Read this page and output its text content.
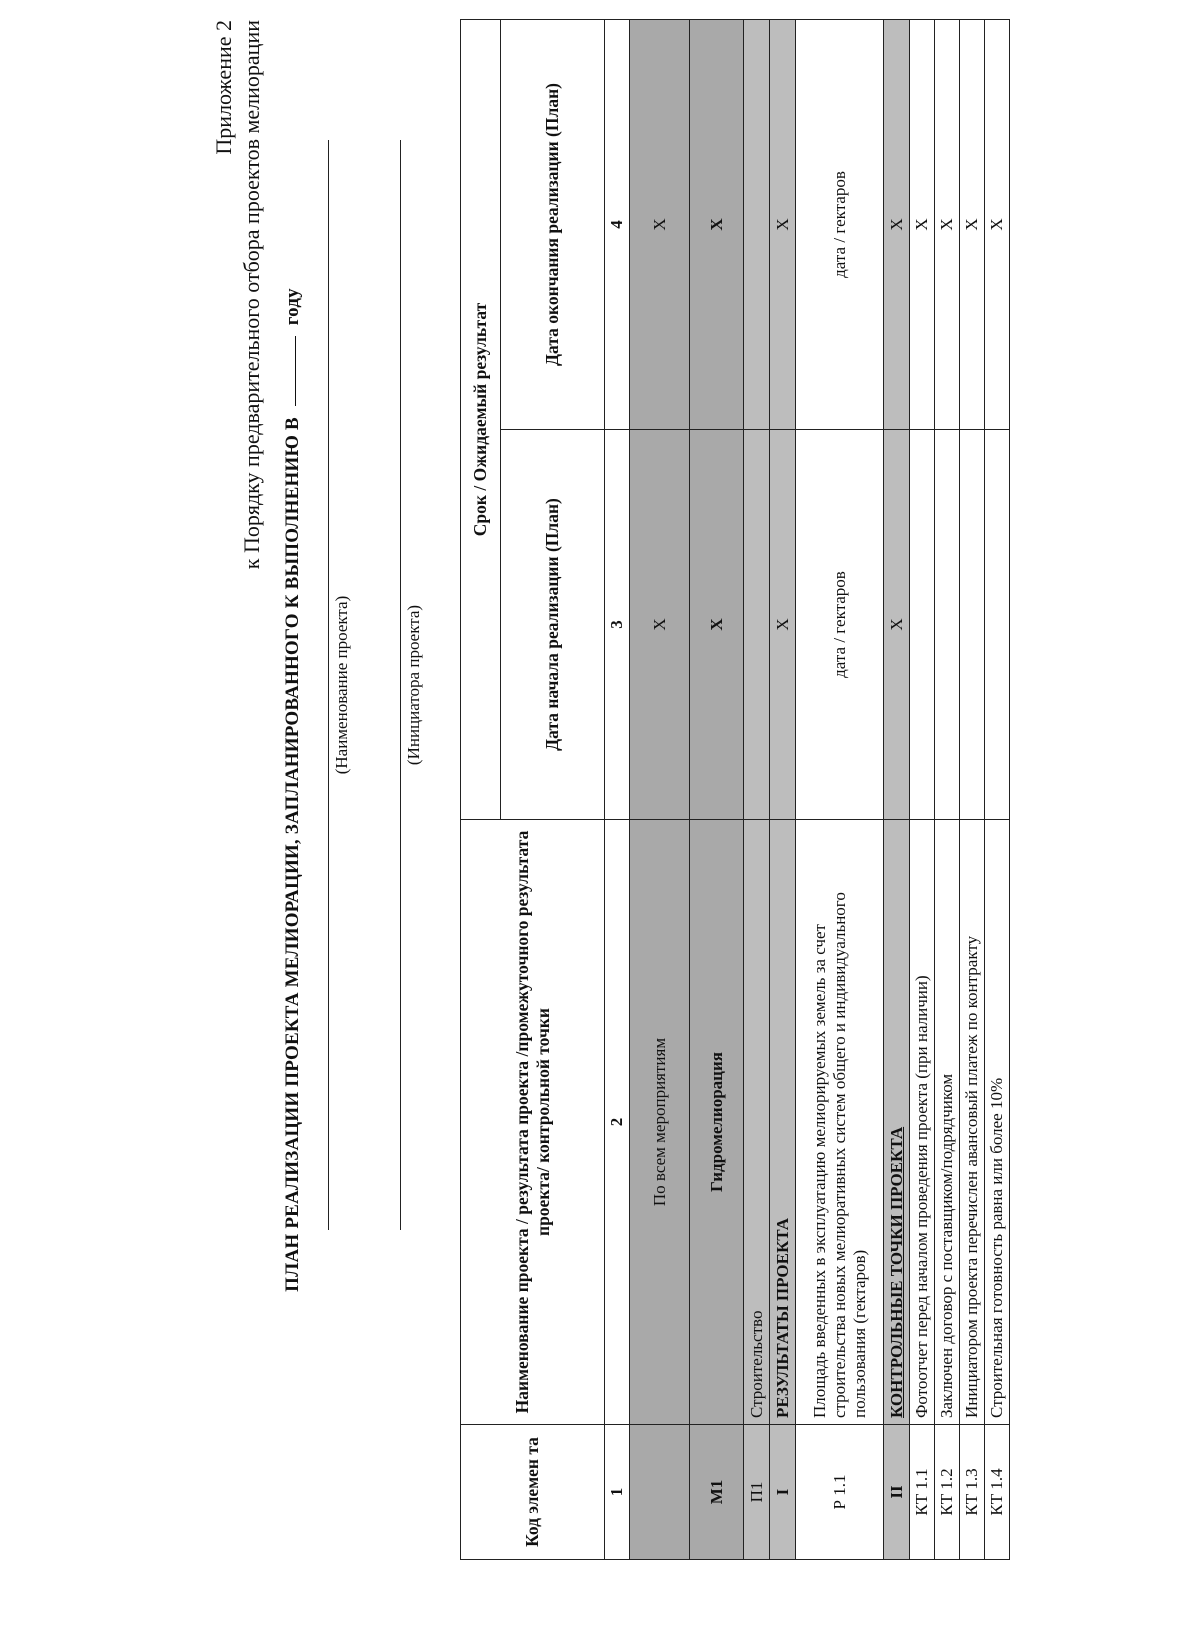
Приложение 2 к Порядку предварительного отбора проектов мелиорации
ПЛАН РЕАЛИЗАЦИИ ПРОЕКТА МЕЛИОРАЦИИ, ЗАПЛАНИРОВАННОГО К ВЫПОЛНЕНИЮ В  году
(Наименование проекта)	(Инициатора проекта)
Код элемен та	Наименование проекта / результата проекта /промежуточного результата проекта/ контрольной точки	Срок / Ожидаемый результат	
		Дата начала реализации (План)	Дата окончания реализации (План)
1	2	3	4
	По всем мероприятиям	X	X
М1	Гидромелиорация	X	X
П1	Строительство		
I	РЕЗУЛЬТАТЫ ПРОЕКТА	X	X
Р 1.1	Площадь введенных в эксплуатацию мелиорируемых земель за счет строительства новых мелиоративных систем общего и индивидуального пользования (гектаров)	дата / гектаров	дата / гектаров
II	КОНТРОЛЬНЫЕ ТОЧКИ ПРОЕКТА	X	X
КТ 1.1	Фотоотчет перед началом проведения проекта (при наличии)		X
КТ 1.2	Заключен договор с поставщиком/подрядчиком		X
КТ 1.3	Инициатором проекта перечислен авансовый платеж по контракту		X
КТ 1.4	Строительная готовность равна или более 10%		X
